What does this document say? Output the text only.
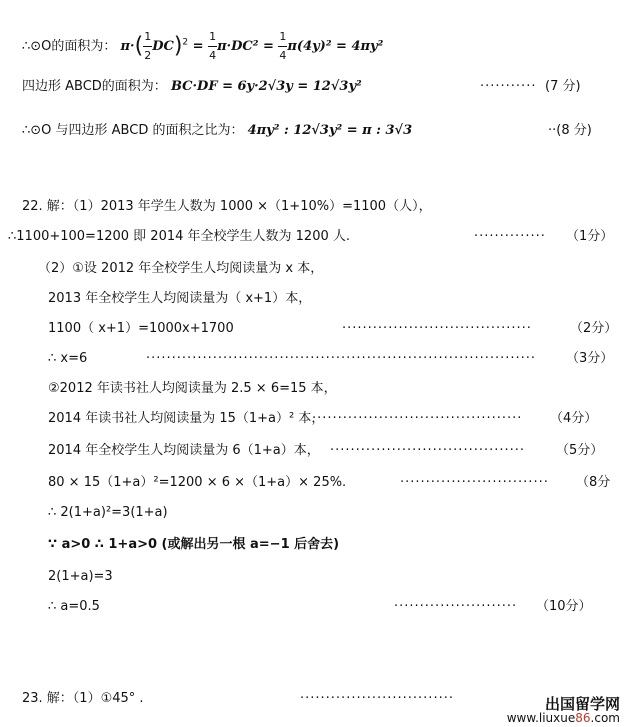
∴⊙O的面积为： $\pi\cdot( \frac{1}{2} DC)^2 = \frac{1}{4} \pi\cdot DC^2 = \frac{1}{4} \pi(4y)^2 = 4\pi y^2$
四边形 ABCD的面积为： BC·DF = 6y·2√3y = 12√3y²	··········· (7 分)
∴⊙O 与四边形 ABCD 的面积之比为： 4πy² : 12√3y² = π : 3√3	··(8 分)
22. 解：（1）2013 年学生人数为 1000 ×（1+10%）=1100（人），
∴1100+100=1200 即 2014 年全校学生人数为 1200 人.	·············· （1分）
（2）①设 2012 年全校学生人均阅读量为 x 本，
2013 年全校学生人均阅读量为（ x+1）本，
1100（ x+1）=1000x+1700	·····································	（2分）
∴ x=6	············································································ （3分）
②2012 年读书社人均阅读量为 2.5 × 6=15 本，
2014 年读书社人均阅读量为 15（1+a）² 本，
········································· （4分）
2014 年全校学生人均阅读量为 6（1+a）本， ······································ （5分）
80 × 15（1+a）²=1200 × 6 ×（1+a）× 25%.	····························· （8分
∴ 2(1+a)²=3(1+a)
∵ a>0 ∴ 1+a>0 (或解出另一根 a=−1 后舍去)
2(1+a)=3
∴ a=0.5	························ （10分）
23. 解：（1）①45° .	······························	出国留学网
www.liuxue86.com
